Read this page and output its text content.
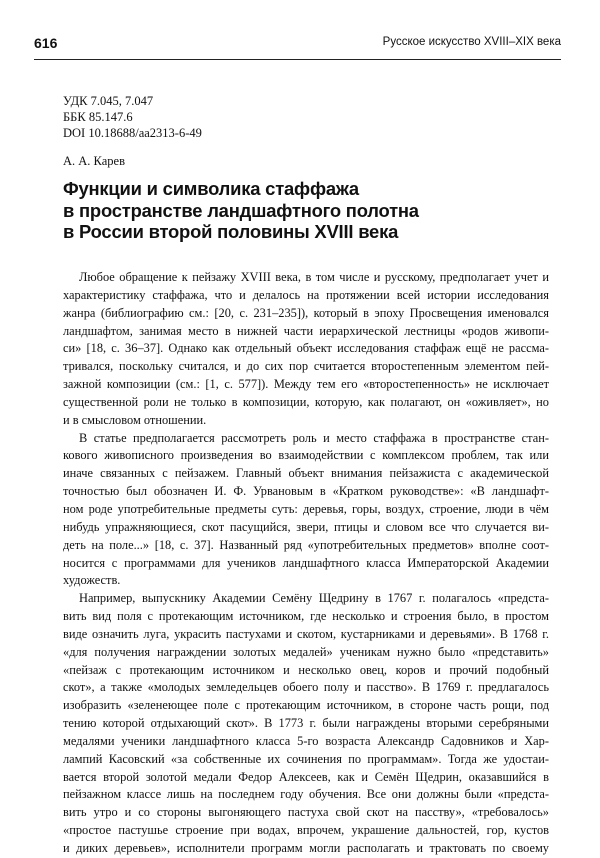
616	Русское искусство XVIII–XIX века
УДК 7.045, 7.047
ББК 85.147.6
DOI 10.18688/aa2313-6-49
А. А. Карев
Функции и символика стаффажа
в пространстве ландшафтного полотна
в России второй половины XVIII века
Любое обращение к пейзажу XVIII века, в том числе и русскому, предполагает учет и
характеристику стаффажа, что и делалось на протяжении всей истории исследования
жанра (библиографию см.: [20, с. 231–235]), который в эпоху Просвещения именовался
ландшафтом, занимая место в нижней части иерархической лестницы «родов живопи-
си» [18, с. 36–37]. Однако как отдельный объект исследования стаффаж ещё не рассма-
тривался, поскольку считался, и до сих пор считается второстепенным элементом пей-
зажной композиции (см.: [1, с. 577]). Между тем его «второстепенность» не исключает
существенной роли не только в композиции, которую, как полагают, он «оживляет», но
и в смысловом отношении.
В статье предполагается рассмотреть роль и место стаффажа в пространстве стан-
кового живописного произведения во взаимодействии с комплексом проблем, так или
иначе связанных с пейзажем. Главный объект внимания пейзажиста с академической
точностью был обозначен И. Ф. Урвановым в «Кратком руководстве»: «В ландшафт-
ном роде употребительные предметы суть: деревья, горы, воздух, строение, люди в чём
нибудь упражняющиеся, скот пасущийся, звери, птицы и словом все что случается ви-
деть на поле...» [18, с. 37]. Названный ряд «употребительных предметов» вполне соот-
носится с программами для учеников ландшафтного класса Императорской Академии
художеств.
Например, выпускнику Академии Семёну Щедрину в 1767 г. полагалось «предста-
вить вид поля с протекающим источником, где несколько и строения было, в простом
виде означить луга, украсить пастухами и скотом, кустарниками и деревьями». В 1768 г.
«для получения награждении золотых медалей» ученикам нужно было «представить»
«пейзаж с протекающим источником и несколько овец, коров и прочий подобный
скот», а также «молодых земледельцев обоего полу и пасство». В 1769 г. предлагалось
изобразить «зеленеющее поле с протекающим источником, в стороне часть рощи, под
тению которой отдыхающий скот». В 1773 г. были награждены вторыми серебряными
медалями ученики ландшафтного класса 5-го возраста Александр Садовников и Хар-
лампий Касовский «за собственные их сочинения по программам». Тогда же удостаи-
вается второй золотой медали Федор Алексеев, как и Семён Щедрин, оказавшийся в
пейзажном классе лишь на последнем году обучения. Все они должны были «предста-
вить утро и со стороны выгоняющего пастуха свой скот на пасству», «требовалось»
«простое пастушье строение при водах, впрочем, украшение дальностей, гор, кустов
и диких деревьев», исполнители программ могли располагать и трактовать по своему
